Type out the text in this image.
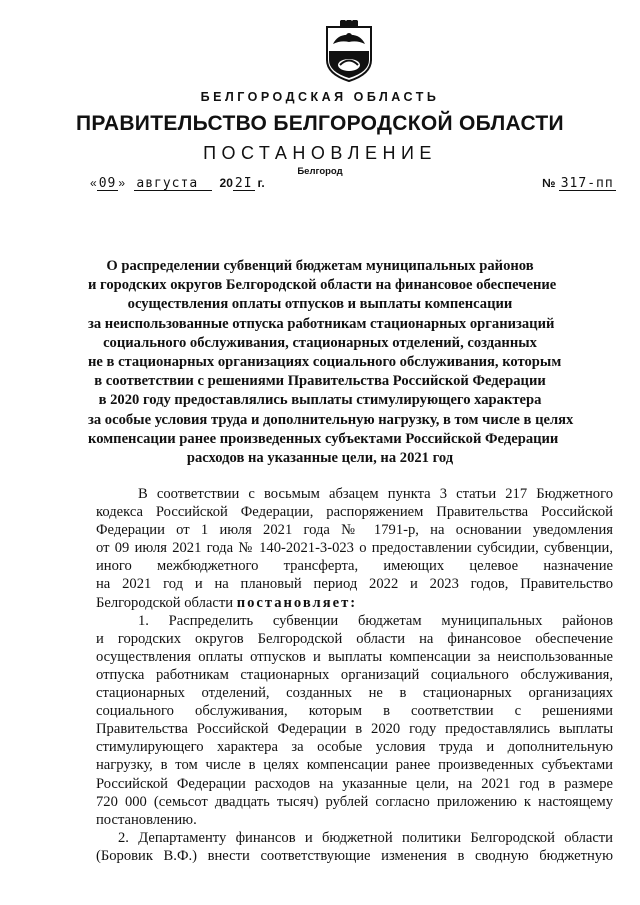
БЕЛГОРОДСКАЯ ОБЛАСТЬ
ПРАВИТЕЛЬСТВО БЕЛГОРОДСКОЙ ОБЛАСТИ
ПОСТАНОВЛЕНИЕ
Белгород
« 09 » августа 20 2I г.	№ 317-пп
О распределении субвенций бюджетам муниципальных районов
и городских округов Белгородской области на финансовое обеспечение
осуществления оплаты отпусков и выплаты компенсации
за неиспользованные отпуска работникам стационарных организаций
социального обслуживания, стационарных отделений, созданных
не в стационарных организациях социального обслуживания, которым
в соответствии с решениями Правительства Российской Федерации
в 2020 году предоставлялись выплаты стимулирующего характера
за особые условия труда и дополнительную нагрузку, в том числе в целях
компенсации ранее произведенных субъектами Российской Федерации
расходов на указанные цели, на 2021 год
В соответствии с восьмым абзацем пункта 3 статьи 217 Бюджетного
кодекса Российской Федерации, распоряжением Правительства Российской
Федерации от 1 июля 2021 года № 1791-р, на основании уведомления
от 09 июля 2021 года № 140-2021-3-023 о предоставлении субсидии, субвенции,
иного межбюджетного трансферта, имеющих целевое назначение
на 2021 год и на плановый период 2022 и 2023 годов, Правительство
Белгородской области постановляет:
1. Распределить субвенции бюджетам муниципальных районов
и городских округов Белгородской области на финансовое обеспечение
осуществления оплаты отпусков и выплаты компенсации за неиспользованные
отпуска работникам стационарных организаций социального обслуживания,
стационарных отделений, созданных не в стационарных организациях
социального обслуживания, которым в соответствии с решениями
Правительства Российской Федерации в 2020 году предоставлялись выплаты
стимулирующего характера за особые условия труда и дополнительную
нагрузку, в том числе в целях компенсации ранее произведенных субъектами
Российской Федерации расходов на указанные цели, на 2021 год в размере
720 000 (семьсот двадцать тысяч) рублей согласно приложению к настоящему
постановлению.
2. Департаменту финансов и бюджетной политики Белгородской области
(Боровик В.Ф.) внести соответствующие изменения в сводную бюджетную
